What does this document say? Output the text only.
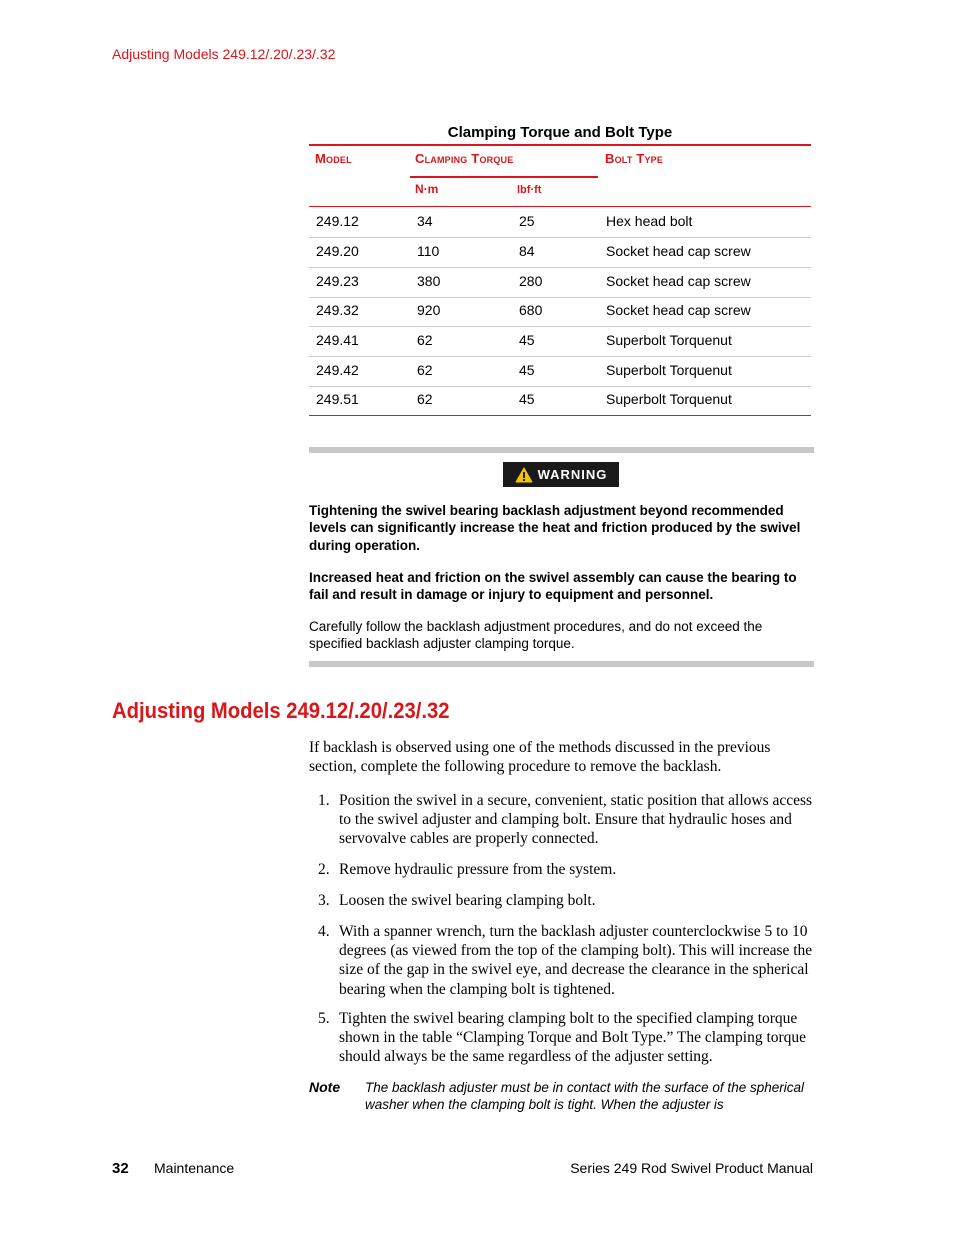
Adjusting Models 249.12/.20/.23/.32
Clamping Torque and Bolt Type
Model	Clamping Torque	Bolt Type
N·m	lbf·ft
249.12	34	25	Hex head bolt
249.20	110	84	Socket head cap screw
249.23	380	280	Socket head cap screw
249.32	920	680	Socket head cap screw
249.41	62	45	Superbolt Torquenut
249.42	62	45	Superbolt Torquenut
249.51	62	45	Superbolt Torquenut
WARNING
Tightening the swivel bearing backlash adjustment beyond recommended levels can significantly increase the heat and friction produced by the swivel during operation.
Increased heat and friction on the swivel assembly can cause the bearing to fail and result in damage or injury to equipment and personnel.
Carefully follow the backlash adjustment procedures, and do not exceed the specified backlash adjuster clamping torque.
Adjusting Models 249.12/.20/.23/.32
If backlash is observed using one of the methods discussed in the previous section, complete the following procedure to remove the backlash.
1. Position the swivel in a secure, convenient, static position that allows access to the swivel adjuster and clamping bolt. Ensure that hydraulic hoses and servovalve cables are properly connected.
2. Remove hydraulic pressure from the system.
3. Loosen the swivel bearing clamping bolt.
4. With a spanner wrench, turn the backlash adjuster counterclockwise 5 to 10 degrees (as viewed from the top of the clamping bolt). This will increase the size of the gap in the swivel eye, and decrease the clearance in the spherical bearing when the clamping bolt is tightened.
5. Tighten the swivel bearing clamping bolt to the specified clamping torque shown in the table “Clamping Torque and Bolt Type.” The clamping torque should always be the same regardless of the adjuster setting.
Note The backlash adjuster must be in contact with the surface of the spherical washer when the clamping bolt is tight. When the adjuster is
32 Maintenance	Series 249 Rod Swivel Product Manual
